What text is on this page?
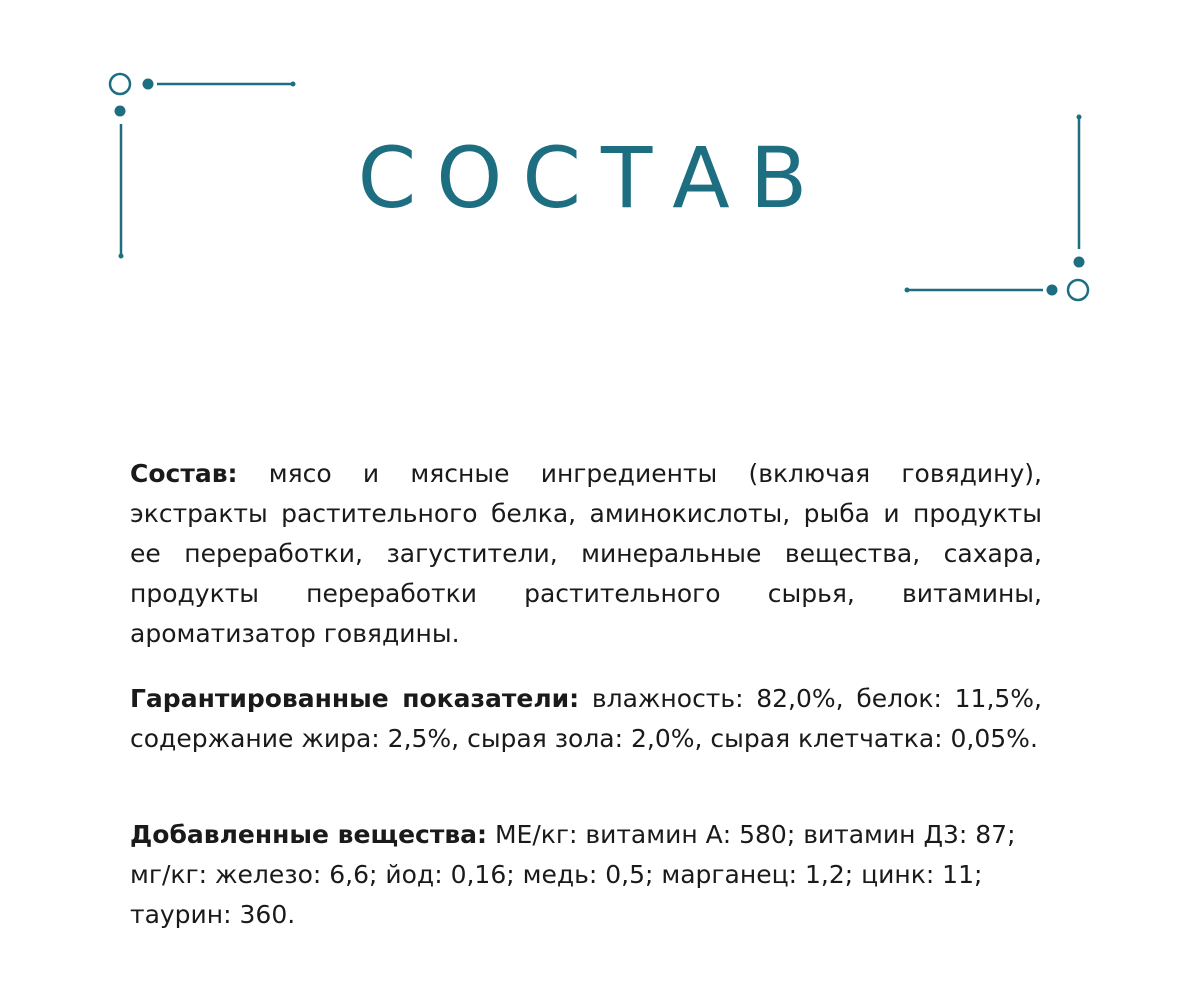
СОСТАВ

Состав: мясо и мясные ингредиенты (включая говядину), экстракты растительного белка, аминокислоты, рыба и продукты ее переработки, загустители, минеральные вещества, сахара, продукты переработки растительного сырья, витамины, ароматизатор говядины.

Гарантированные показатели: влажность: 82,0%, белок: 11,5%, содержание жира: 2,5%, сырая зола: 2,0%, сырая клетчатка: 0,05%.

Добавленные вещества: МЕ/кг: витамин А: 580; витамин Д3: 87; мг/кг: железо: 6,6; йод: 0,16; медь: 0,5; марганец: 1,2; цинк: 11; таурин: 360.
